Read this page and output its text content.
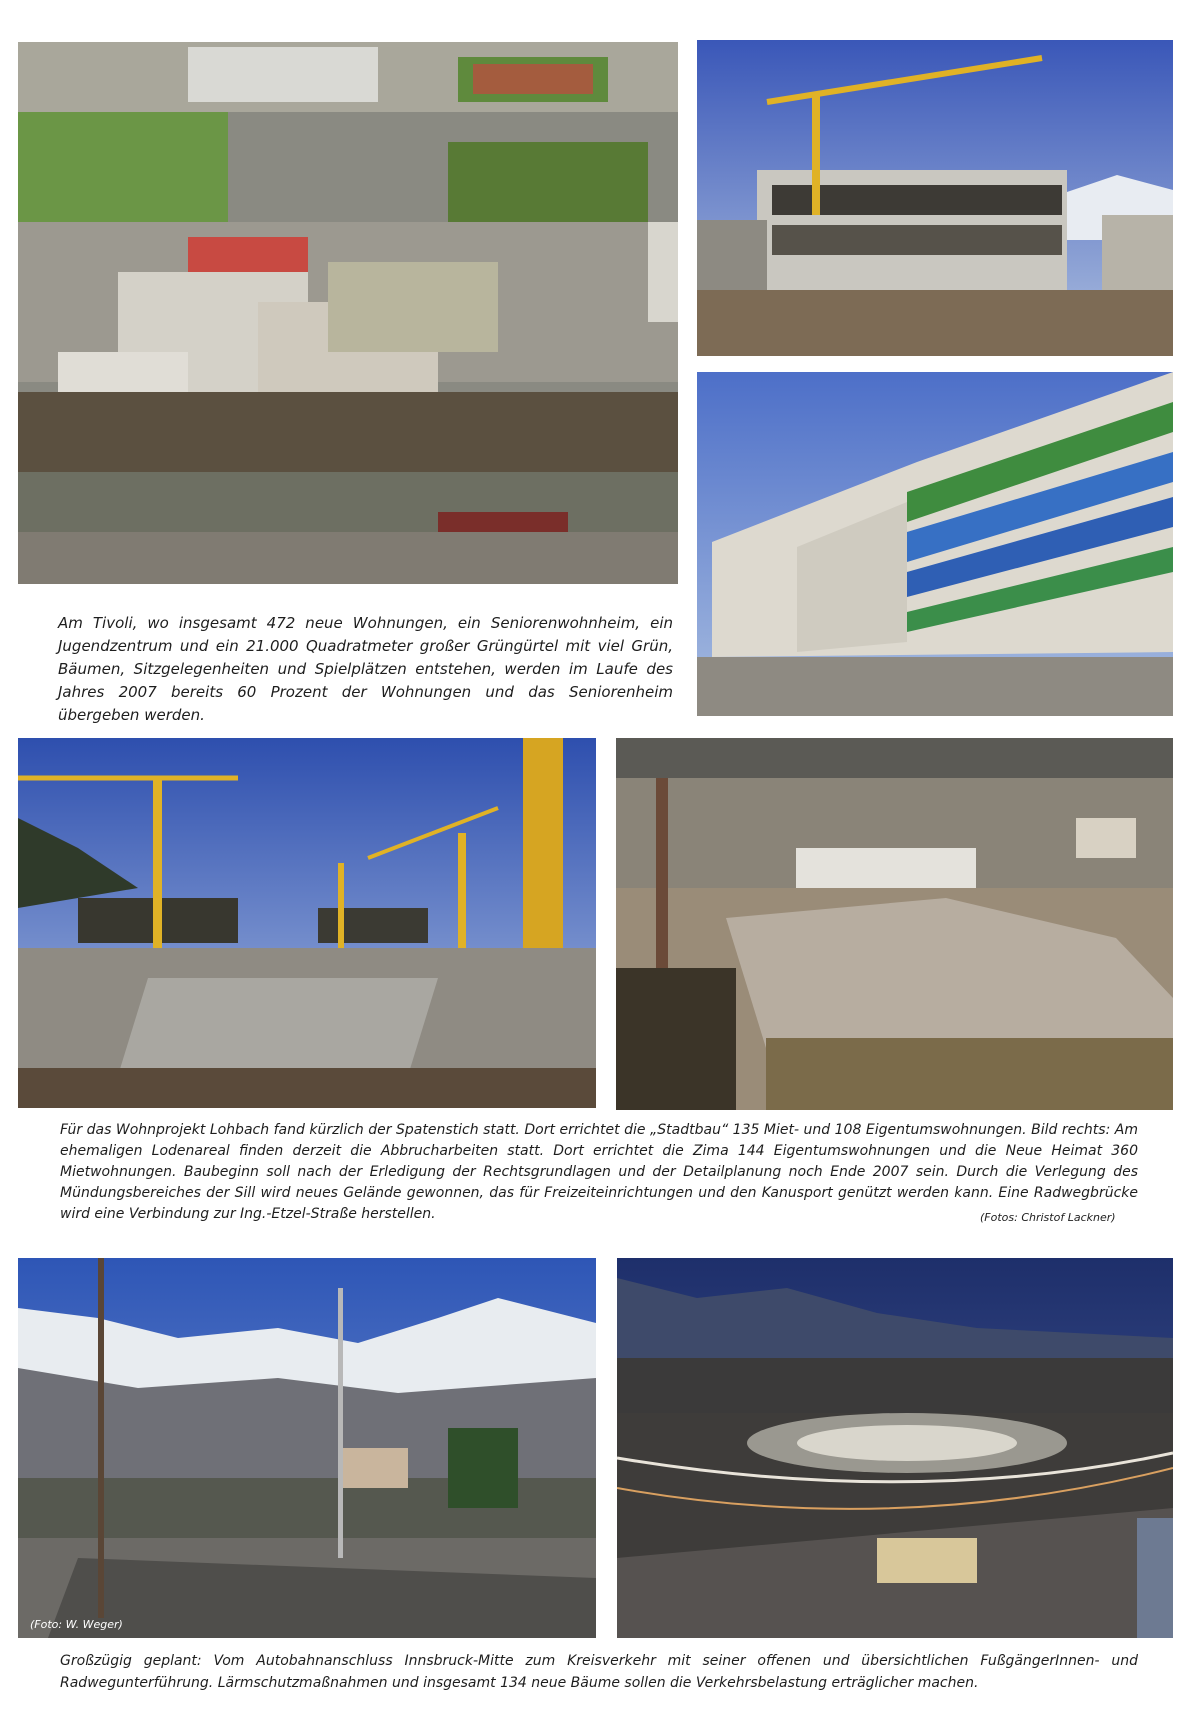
Am Tivoli, wo insgesamt 472 neue Wohnungen, ein Seniorenwohnheim, ein Jugendzentrum und ein 21.000 Quadratmeter großer Grüngürtel mit viel Grün, Bäumen, Sitzgelegenheiten und Spielplätzen entstehen, werden im Laufe des Jahres 2007 bereits 60 Prozent der Wohnungen und das Seniorenheim übergeben werden.
Für das Wohnprojekt Lohbach fand kürzlich der Spatenstich statt. Dort errichtet die „Stadtbau“ 135 Miet- und 108 Eigentumswohnungen. Bild rechts: Am ehemaligen Lodenareal finden derzeit die Abbrucharbeiten statt. Dort errichtet die Zima 144 Eigentumswohnungen und die Neue Heimat 360 Mietwohnungen. Baubeginn soll nach der Erledigung der Rechtsgrundlagen und der Detailplanung noch Ende 2007 sein. Durch die Verlegung des Mündungsbereiches der Sill wird neues Gelände gewonnen, das für Freizeiteinrichtungen und den Kanusport genützt werden kann. Eine Radwegbrücke wird eine Verbindung zur Ing.-Etzel-Straße herstellen.	(Fotos: Christof Lackner)
(Foto: W. Weger)
Großzügig geplant: Vom Autobahnanschluss Innsbruck-Mitte zum Kreisverkehr mit seiner offenen und übersichtlichen FußgängerInnen- und Radwegunterführung. Lärmschutzmaßnahmen und insgesamt 134 neue Bäume sollen die Verkehrsbelastung erträglicher machen.
